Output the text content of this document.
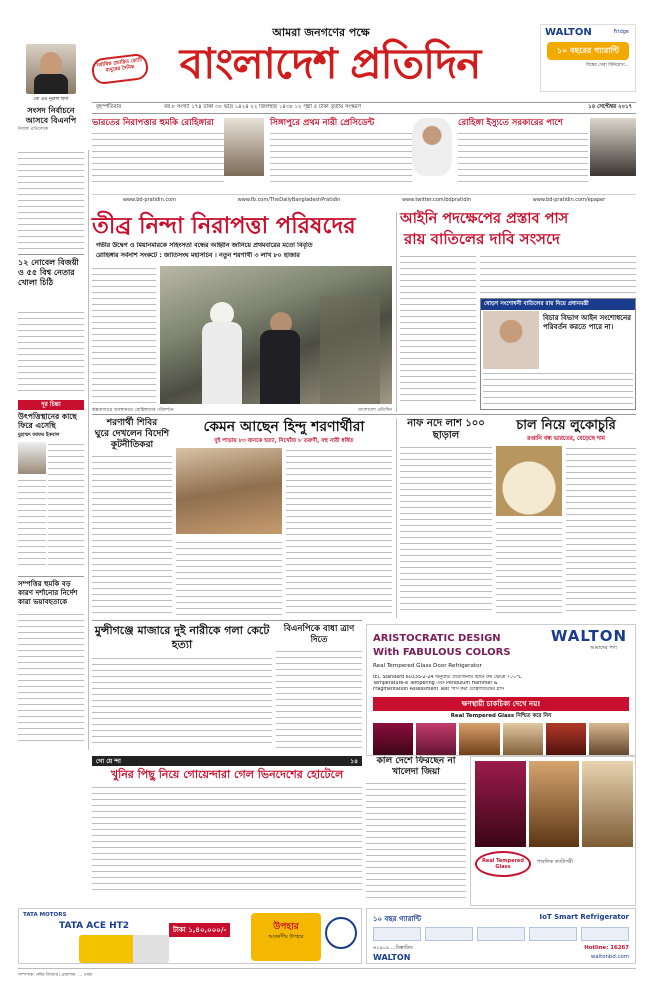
কে এম নূরুল হুদা
সংসদ নির্বাচনে আসবে বিএনপি
নিজস্ব প্রতিবেদক
সর্বাধিক প্রচারিত কোটি মানুষের দৈনিক
আমরা জনগণের পক্ষে
বাংলাদেশ প্রতিদিন
WALTON	Fridge
১০ বছরের গ্যারান্টি
বিশ্বের সেরা বিনিয়োগ...
বৃহস্পতিবার	বর্ষ ৮ সংখ্যা ১৭৪ ঢাকা ৩০ ভাদ্র ১৪২৪ ২২ জিলহজ ১৪৩৮ ১২ পৃষ্ঠা ৫ টাকা তৃতীয় সংস্করণ	১৪ সেপ্টেম্বর ২০১৭
ভারতের নিরাপত্তার হুমকি রোহিঙ্গারা	সিঙ্গাপুরে প্রথম নারী প্রেসিডেন্ট	রোহিঙ্গা ইস্যুতে সরকারের পাশে
www.bd-pratidin.com	www.fb.com/TheDailyBangladeshPratidin	www.twitter.com/bdpratidin	www.bd-pratidin.com/epaper
১২ নোবেল বিজয়ী ও ৫৫ বিশ্ব নেতার খোলা চিঠি
দূর চিন্তা
উৎপত্তিস্থানের কাছে ফিরে এসেছি
মুহাম্মদ জাফর ইকবাল
সম্পত্তির হুমকি বড় কারণ দর্শানোর নির্দেশ কারা ভয়াবহতাকে
তীব্র নিন্দা নিরাপত্তা পরিষদের
গভীর উদ্বেগ ও মিয়ানমারকে সহিংসতা বন্ধের আহ্বান জানিয়ে প্রথমবারের মতো বিবৃতি
রোহিঙ্গার সর্বনাশ সংকটে : জাতিসংঘ মহাসচিব । নতুন শরণার্থী ৩ লাখ ৮০ হাজার
কক্সবাজারে অবস্থানরত রোহিঙ্গাদের পরিদর্শনে	বাংলাদেশ প্রতিদিন
আইনি পদক্ষেপের প্রস্তাব পাস
রায় বাতিলের দাবি সংসদে
ষোড়শ সংশোধনী বাতিলের রায় নিয়ে প্রধানমন্ত্রী
বিচার বিভাগ আইন সংশোধনের পরিবর্তন করতে পারে না।
শরণার্থী শিবির
ঘুরে দেখলেন বিদেশি কূটনীতিকরা
কেমন আছেন হিন্দু শরণার্থীরা
দুই পাড়ায় ৮৩ জনকে হত্যা, নিখোঁজ ৮ তরুণী, বহু নারী ধর্ষিত
নাফ নদে লাশ ১০০ ছাড়াল
চাল নিয়ে লুকোচুরি
রপ্তানি বন্ধ ভারতের, বেড়েছে দাম
মুন্সীগঞ্জে মাজারে দুই নারীকে গলা কেটে হত্যা
বিএনপিকে বাধা ত্রাণ দিতে
গো য়ে ন্দা	১৪
খুনির পিছু নিয়ে গোয়েন্দারা গেল ভিনদেশের হোটেলে
কাল দেশে ফিরছেন না খালেদা জিয়া
WALTON
আমাদের পণ্য
ARISTOCRATIC DESIGN
With FABULOUS COLORS
Real Tempered Glass Door Refrigerator
IEC Standard 60335-2-24 অনুযায়ী প্রয়োজনীয় হিটিং রুম ক্ষেত্রে ৭০০°C
Temperature-e Tempering এবং Pendulum Hammer &
Fragmentation Assessment Test পাস করা রেফ্রিজারেটর গ্লাস
ক্ষণস্থায়ী চাকচিক্য দেখে নয়!
Real Tempered Glass নিশ্চিত করে নিন
Real Tempered Glass
পাবলিক ক্যাটাগরী
১০ বছর গ্যারান্টি	IoT Smart Refrigerator
৬১৯০৯ ...বিস্তারিত
WALTON
Hotline: 16267
waltonbd.com
TATA MOTORS
TATA ACE HT2	টাকা ১,৪০,০০০/-	উপহার
আকর্ষণীয় উপহার
সম্পাদক: নঈম নিজাম। প্রকাশক: ... ঢাকা
